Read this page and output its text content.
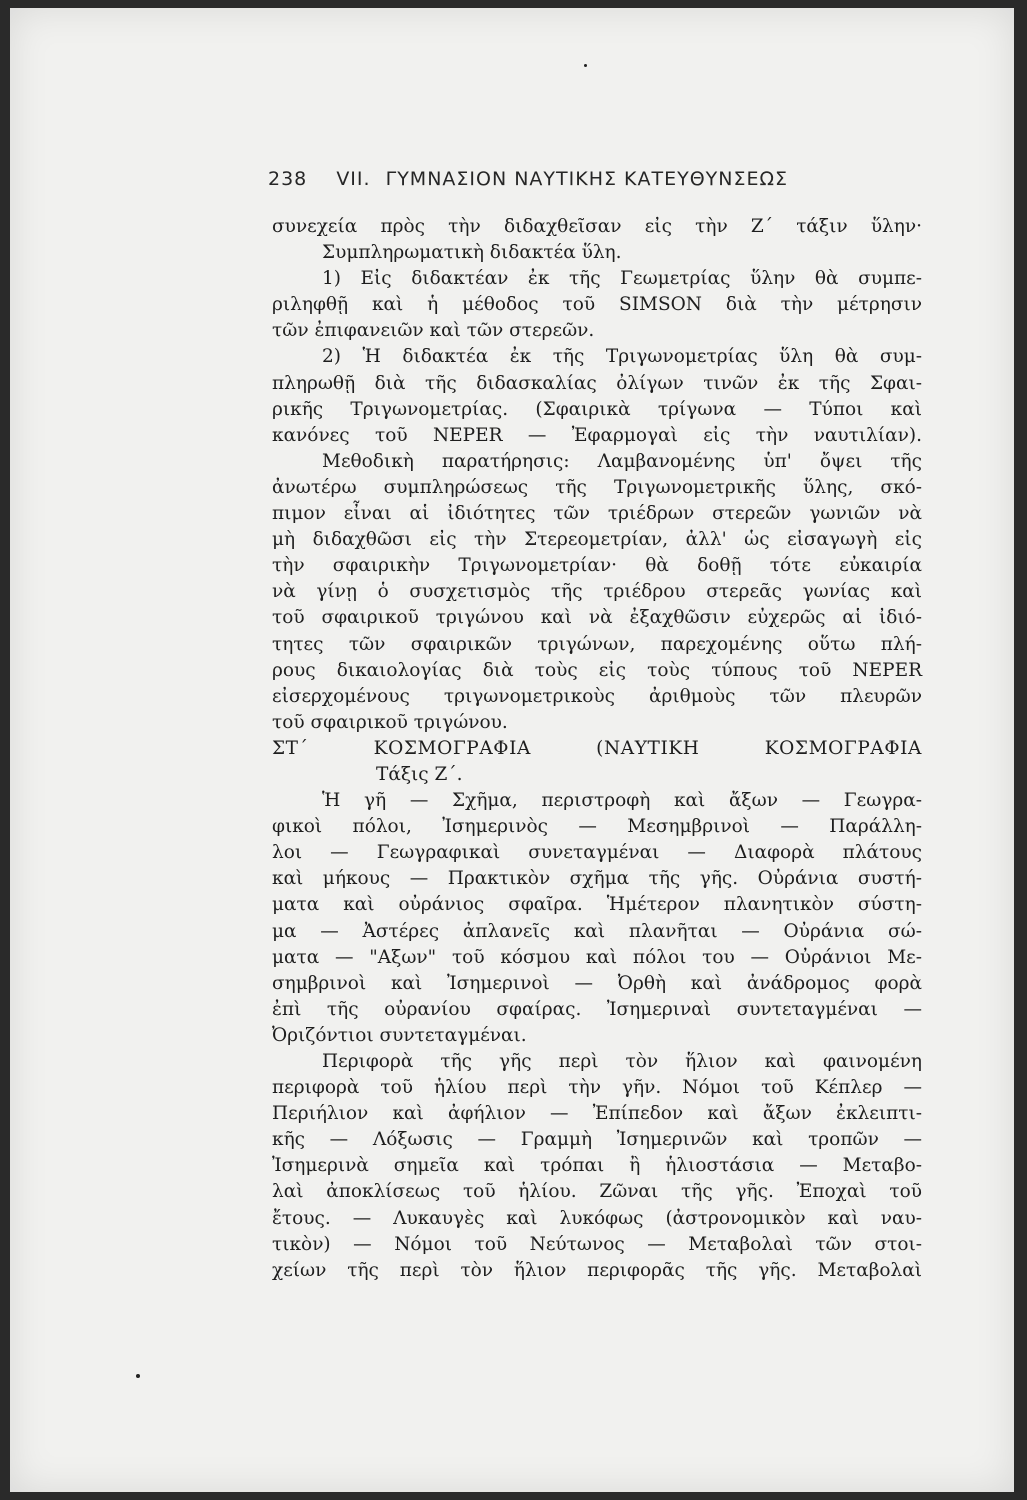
238 VII. ΓΥΜΝΑΣΙΟΝ ΝΑΥΤΙΚΗΣ ΚΑΤΕΥΘΥΝΣΕΩΣ
συνεχεία πρὸς τὴν διδαχθεῖσαν εἰς τὴν Ζ΄ τάξιν ὕλην·
Συμπληρωματικὴ διδακτέα ὕλη.
1) Εἰς διδακτέαν ἐκ τῆς Γεωμετρίας ὕλην θὰ συμπε-
ριληφθῇ καὶ ἡ μέθοδος τοῦ SIMSON διὰ τὴν μέτρησιν
τῶν ἐπιφανειῶν καὶ τῶν στερεῶν.
2) Ἡ διδακτέα ἐκ τῆς Τριγωνομετρίας ὕλη θὰ συμ-
πληρωθῇ διὰ τῆς διδασκαλίας ὀλίγων τινῶν ἐκ τῆς Σφαι-
ρικῆς Τριγωνομετρίας. (Σφαιρικὰ τρίγωνα — Τύποι καὶ
κανόνες τοῦ NEPER — Ἐφαρμογαὶ εἰς τὴν ναυτιλίαν).
Μεθοδικὴ παρατήρησις: Λαμβανομένης ὑπ' ὄψει τῆς
ἀνωτέρω συμπληρώσεως τῆς Τριγωνομετρικῆς ὕλης, σκό-
πιμον εἶναι αἱ ἰδιότητες τῶν τριέδρων στερεῶν γωνιῶν νὰ
μὴ διδαχθῶσι εἰς τὴν Στερεομετρίαν, ἀλλ' ὡς εἰσαγωγὴ εἰς
τὴν σφαιρικὴν Τριγωνομετρίαν· θὰ δοθῇ τότε εὐκαιρία
νὰ γίνῃ ὁ συσχετισμὸς τῆς τριέδρου στερεᾶς γωνίας καὶ
τοῦ σφαιρικοῦ τριγώνου καὶ νὰ ἐξαχθῶσιν εὐχερῶς αἱ ἰδιό-
τητες τῶν σφαιρικῶν τριγώνων, παρεχομένης οὕτω πλή-
ρους δικαιολογίας διὰ τοὺς εἰς τοὺς τύπους τοῦ NEPER
εἰσερχομένους τριγωνομετρικοὺς ἀριθμοὺς τῶν πλευρῶν
τοῦ σφαιρικοῦ τριγώνου.
ΣΤ΄ ΚΟΣΜΟΓΡΑΦΙΑ (ΝΑΥΤΙΚΗ ΚΟΣΜΟΓΡΑΦΙΑ
Τάξις Ζ΄.
Ἡ γῆ — Σχῆμα, περιστροφὴ καὶ ἄξων — Γεωγρα-
φικοὶ πόλοι, Ἰσημερινὸς — Μεσημβρινοὶ — Παράλλη-
λοι — Γεωγραφικαὶ συνεταγμέναι — Διαφορὰ πλάτους
καὶ μήκους — Πρακτικὸν σχῆμα τῆς γῆς. Οὐράνια συστή-
ματα καὶ οὐράνιος σφαῖρα. Ἡμέτερον πλανητικὸν σύστη-
μα — Ἀστέρες ἀπλανεῖς καὶ πλανῆται — Οὐράνια σώ-
ματα — "Αξων" τοῦ κόσμου καὶ πόλοι του — Οὐράνιοι Με-
σημβρινοὶ καὶ Ἰσημερινοὶ — Ὀρθὴ καὶ ἀνάδρομος φορὰ
ἐπὶ τῆς οὐρανίου σφαίρας. Ἰσημεριναὶ συντεταγμέναι —
Ὀριζόντιοι συντεταγμέναι.
Περιφορὰ τῆς γῆς περὶ τὸν ἥλιον καὶ φαινομένη
περιφορὰ τοῦ ἡλίου περὶ τὴν γῆν. Νόμοι τοῦ Κέπλερ —
Περιήλιον καὶ ἀφήλιον — Ἐπίπεδον καὶ ἄξων ἐκλειπτι-
κῆς — Λόξωσις — Γραμμὴ Ἰσημερινῶν καὶ τροπῶν —
Ἰσημερινὰ σημεῖα καὶ τρόπαι ἢ ἡλιοστάσια — Μεταβο-
λαὶ ἀποκλίσεως τοῦ ἡλίου. Ζῶναι τῆς γῆς. Ἐποχαὶ τοῦ
ἔτους. — Λυκαυγὲς καὶ λυκόφως (ἀστρονομικὸν καὶ ναυ-
τικὸν) — Νόμοι τοῦ Νεύτωνος — Μεταβολαὶ τῶν στοι-
χείων τῆς περὶ τὸν ἥλιον περιφορᾶς τῆς γῆς. Μεταβολαὶ
